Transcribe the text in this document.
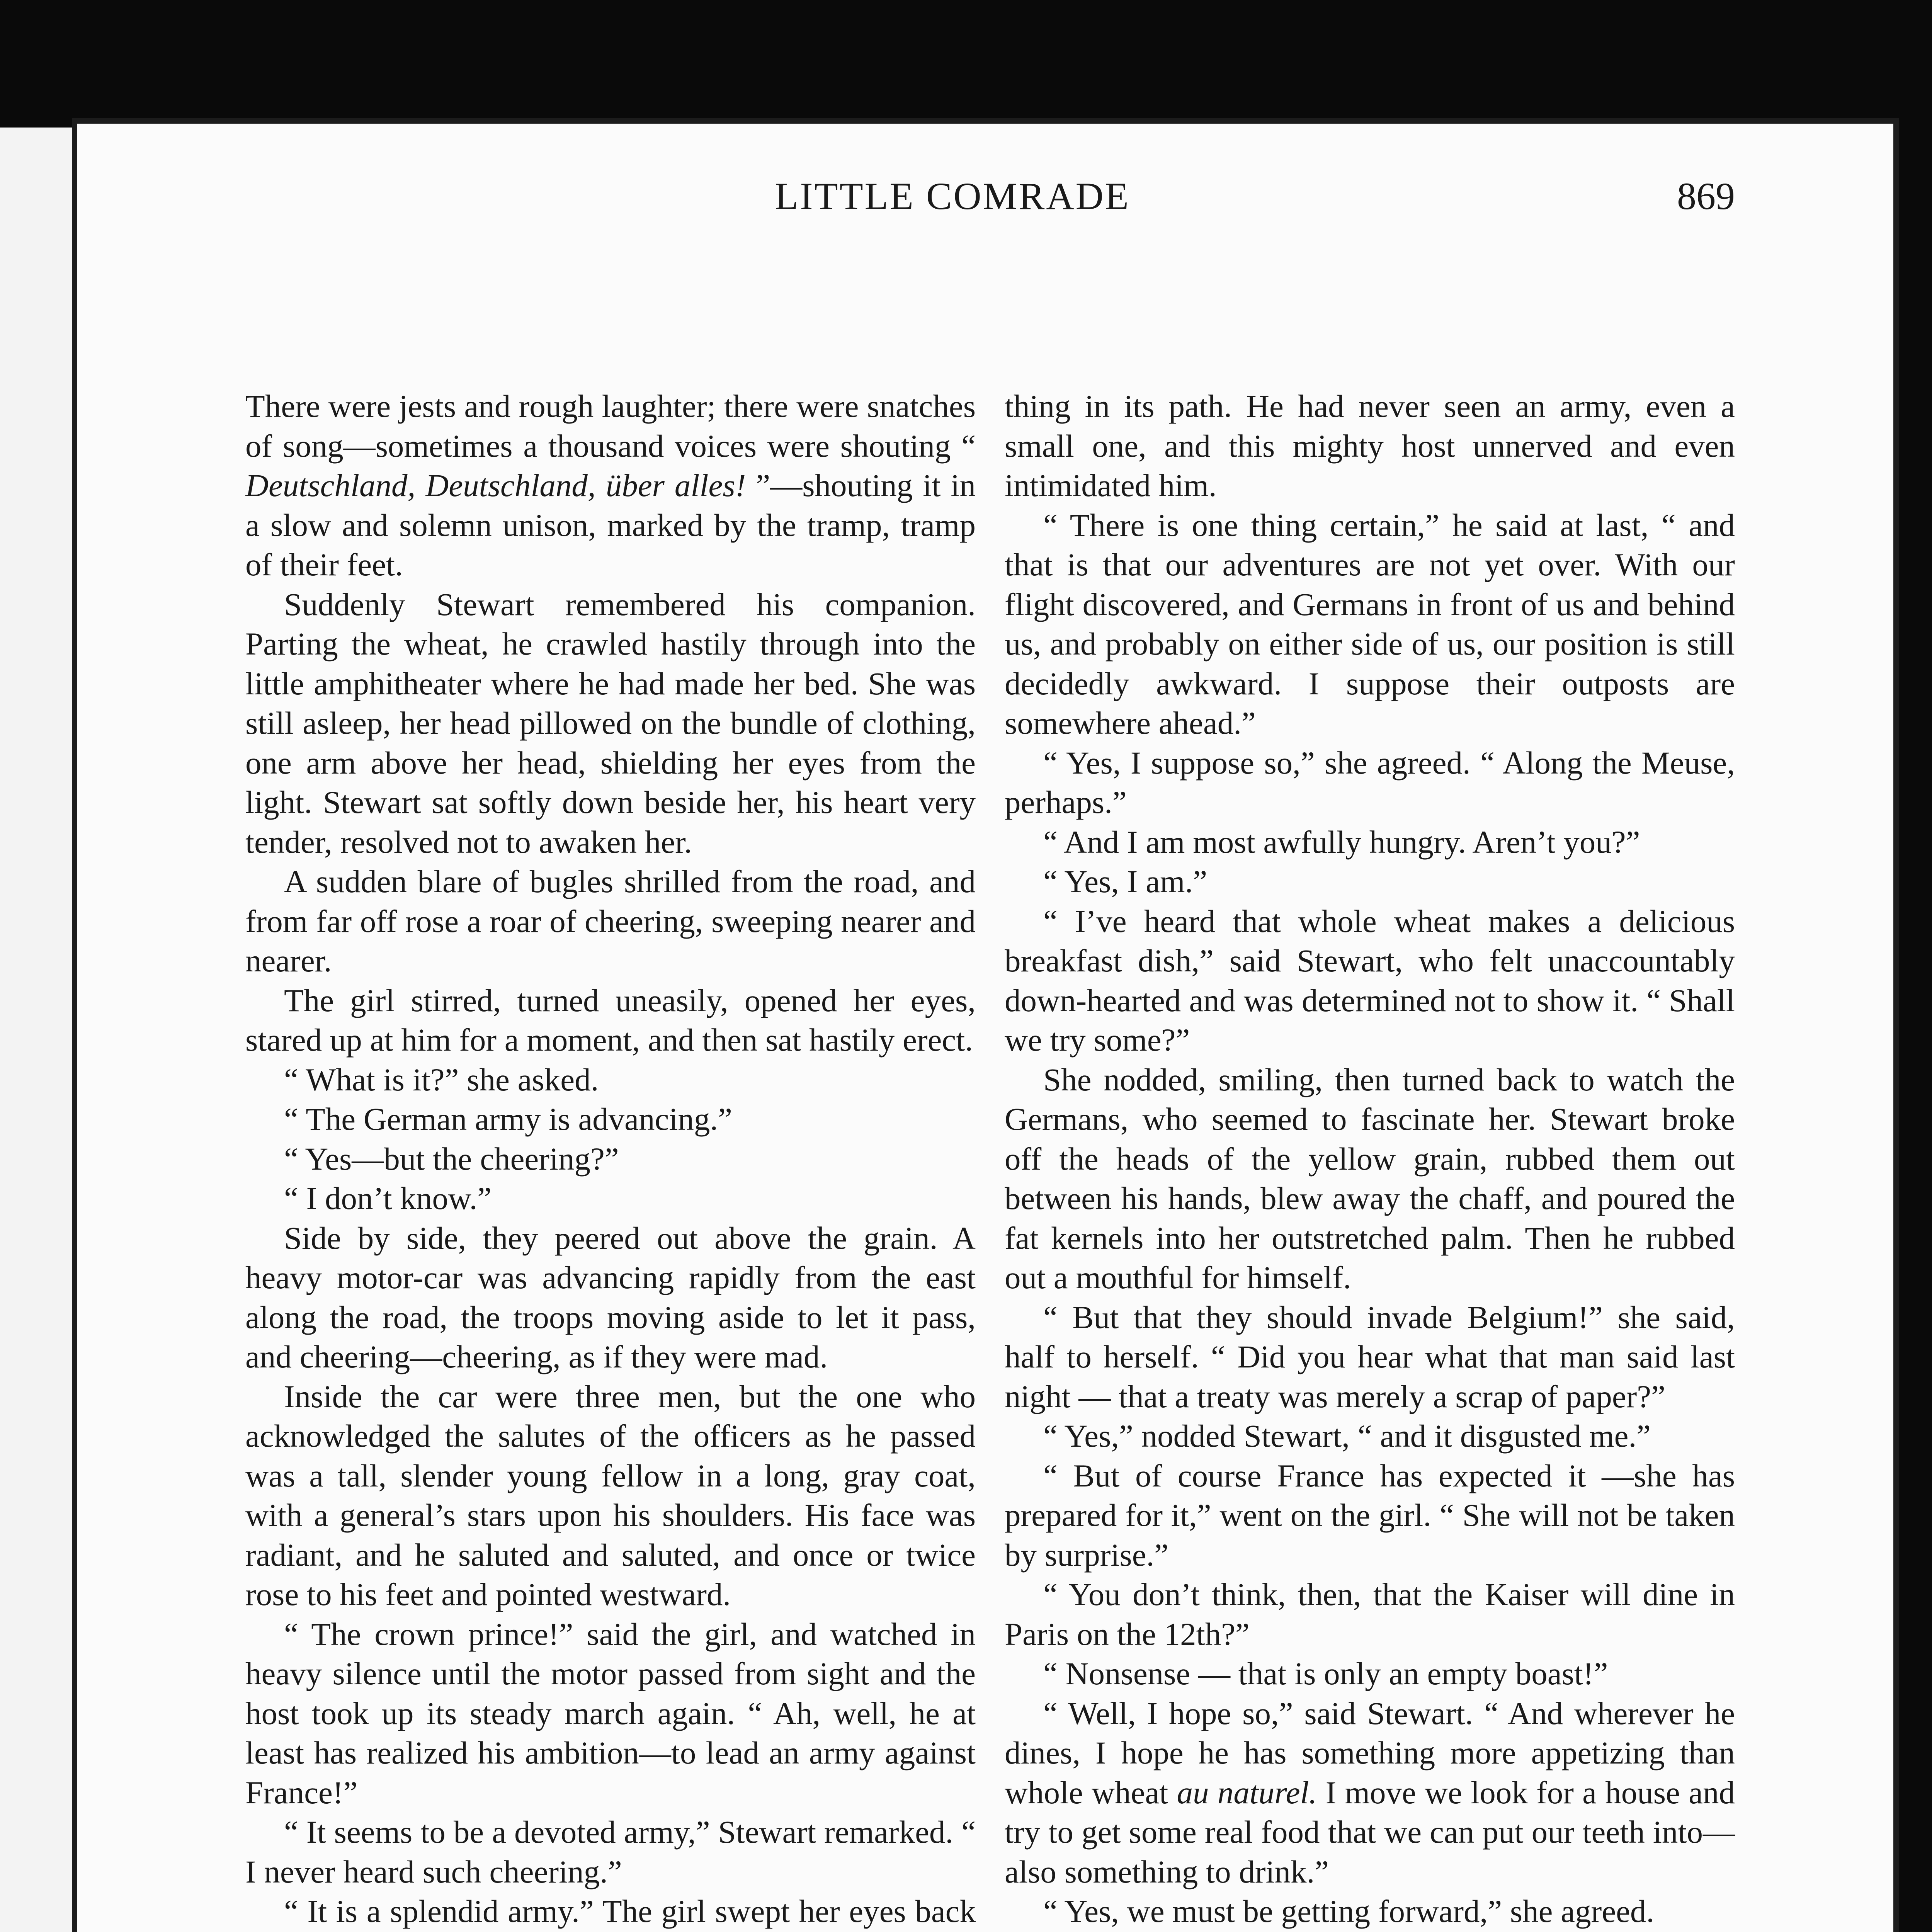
LITTLE COMRADE	869

There were jests and rough laughter; there were snatches of song—sometimes a thousand voices were shouting “ Deutschland, Deutschland, über alles! ”—shouting it in a slow and solemn unison, marked by the tramp, tramp of their feet.

Suddenly Stewart remembered his companion. Parting the wheat, he crawled hastily through into the little amphitheater where he had made her bed. She was still asleep, her head pillowed on the bundle of clothing, one arm above her head, shielding her eyes from the light. Stewart sat softly down beside her, his heart very tender, resolved not to awaken her.

A sudden blare of bugles shrilled from the road, and from far off rose a roar of cheering, sweeping nearer and nearer.

The girl stirred, turned uneasily, opened her eyes, stared up at him for a moment, and then sat hastily erect.

“ What is it?” she asked.

“ The German army is advancing.”

“ Yes—but the cheering?”

“ I don’t know.”

Side by side, they peered out above the grain. A heavy motor-car was advancing rapidly from the east along the road, the troops moving aside to let it pass, and cheering—cheering, as if they were mad.

Inside the car were three men, but the one who acknowledged the salutes of the officers as he passed was a tall, slender young fellow in a long, gray coat, with a general’s stars upon his shoulders. His face was radiant, and he saluted and saluted, and once or twice rose to his feet and pointed westward.

“ The crown prince!” said the girl, and watched in heavy silence until the motor passed from sight and the host took up its steady march again. “ Ah, well, he at least has realized his ambition—to lead an army against France!”

“ It seems to be a devoted army,” Stewart remarked. “ I never heard such cheering.”

“ It is a splendid army.” The girl swept her eyes back

thing in its path. He had never seen an army, even a small one, and this mighty host unnerved and even intimidated him.

“ There is one thing certain,” he said at last, “ and that is that our adventures are not yet over. With our flight discovered, and Germans in front of us and behind us, and probably on either side of us, our position is still decidedly awkward. I suppose their outposts are somewhere ahead.”

“ Yes, I suppose so,” she agreed. “ Along the Meuse, perhaps.”

“ And I am most awfully hungry. Aren’t you?”

“ Yes, I am.”

“ I’ve heard that whole wheat makes a delicious breakfast dish,” said Stewart, who felt unaccountably down-hearted and was determined not to show it. “ Shall we try some?”

She nodded, smiling, then turned back to watch the Germans, who seemed to fascinate her. Stewart broke off the heads of the yellow grain, rubbed them out between his hands, blew away the chaff, and poured the fat kernels into her outstretched palm. Then he rubbed out a mouthful for himself.

“ But that they should invade Belgium!” she said, half to herself. “ Did you hear what that man said last night — that a treaty was merely a scrap of paper?”

“ Yes,” nodded Stewart, “ and it disgusted me.”

“ But of course France has expected it —she has prepared for it,” went on the girl. “ She will not be taken by surprise.”

“ You don’t think, then, that the Kaiser will dine in Paris on the 12th?”

“ Nonsense — that is only an empty boast!”

“ Well, I hope so,” said Stewart. “ And wherever he dines, I hope he has something more appetizing than whole wheat au naturel. I move we look for a house and try to get some real food that we can put our teeth into—also something to drink.”

“ Yes, we must be getting forward,” she agreed.
